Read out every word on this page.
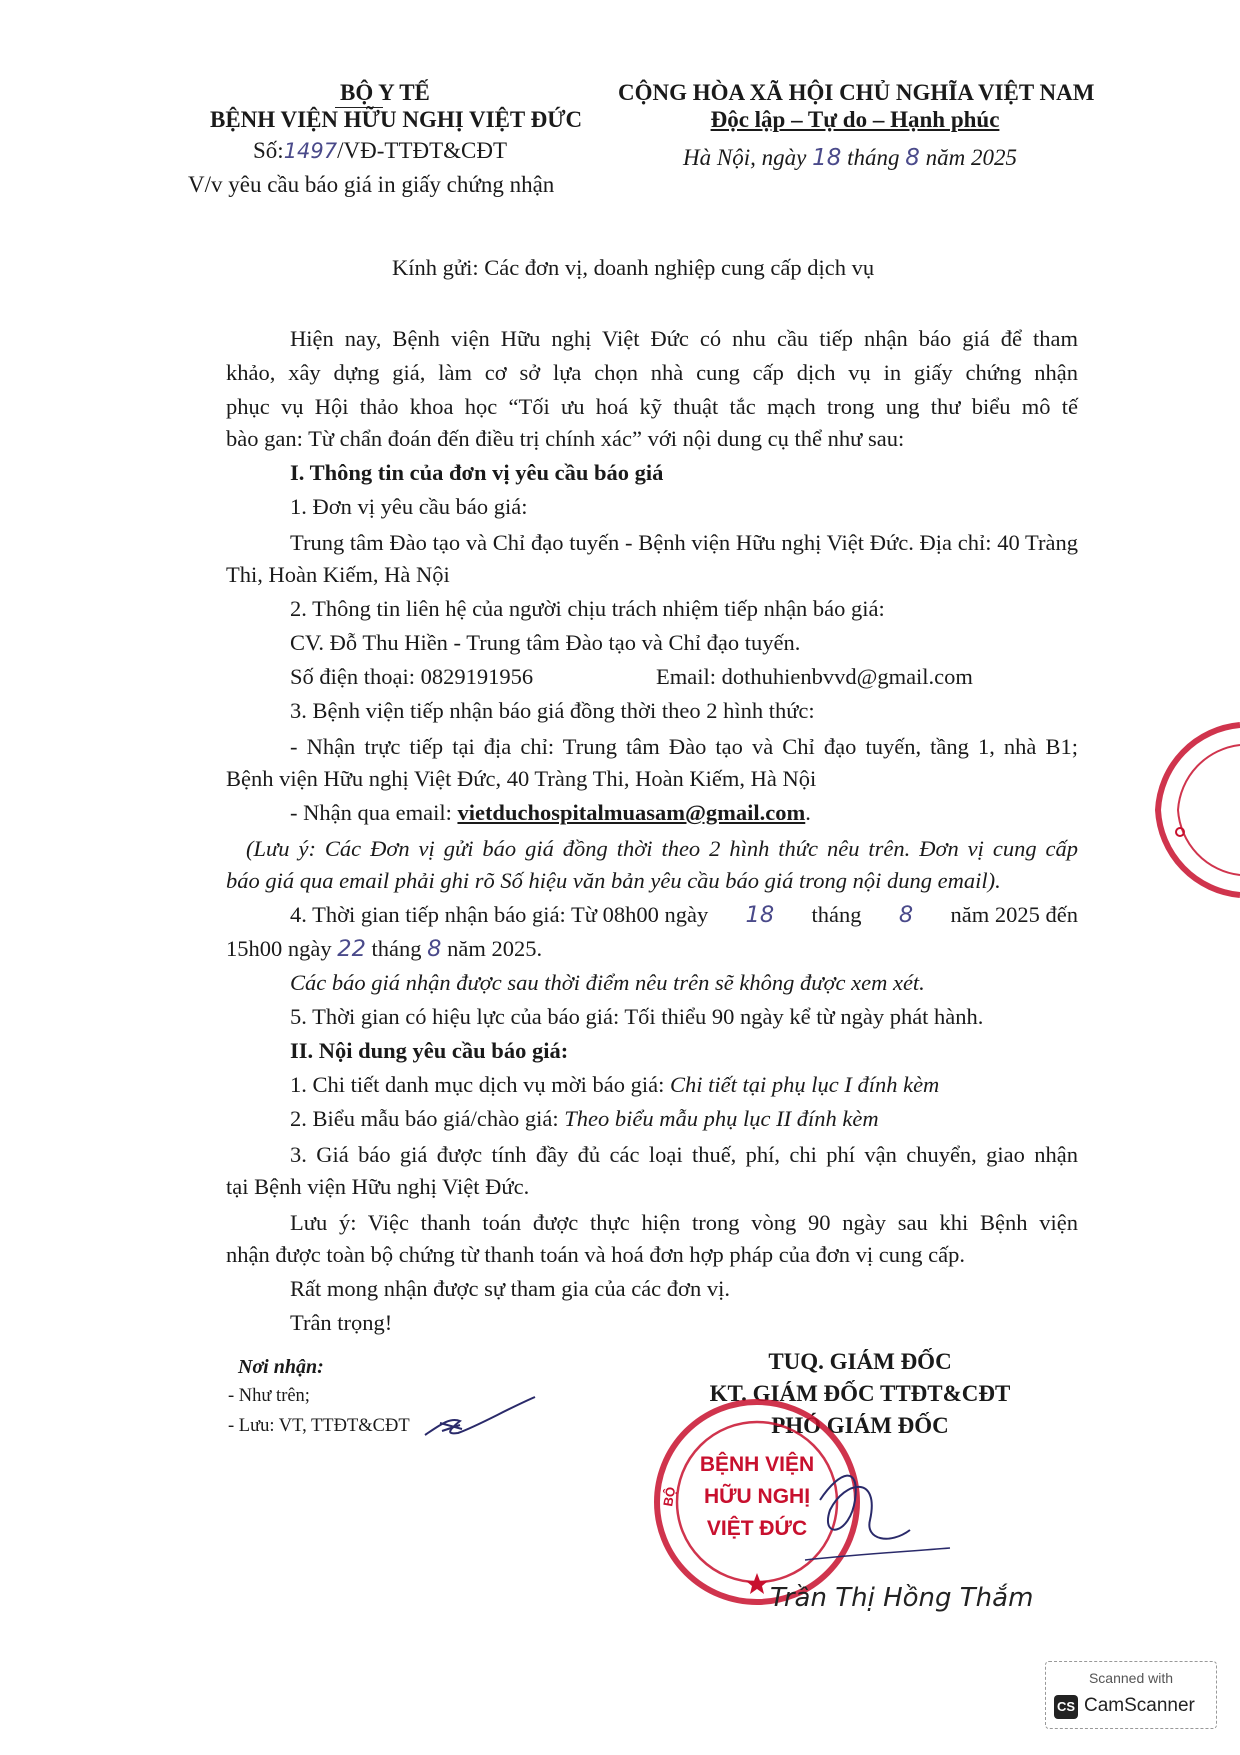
BỘ Y TẾ
BỆNH VIỆN HỮU NGHỊ VIỆT ĐỨC
Số:1497/VĐ-TTĐT&CĐT
V/v yêu cầu báo giá in giấy chứng nhận
CỘNG HÒA XÃ HỘI CHỦ NGHĨA VIỆT NAM
Độc lập – Tự do – Hạnh phúc
Hà Nội, ngày 18 tháng 8 năm 2025
Kính gửi: Các đơn vị, doanh nghiệp cung cấp dịch vụ
Hiện nay, Bệnh viện Hữu nghị Việt Đức có nhu cầu tiếp nhận báo giá để tham
khảo, xây dựng giá, làm cơ sở lựa chọn nhà cung cấp dịch vụ in giấy chứng nhận
phục vụ Hội thảo khoa học “Tối ưu hoá kỹ thuật tắc mạch trong ung thư biểu mô tế
bào gan: Từ chẩn đoán đến điều trị chính xác” với nội dung cụ thể như sau:
I. Thông tin của đơn vị yêu cầu báo giá
1. Đơn vị yêu cầu báo giá:
Trung tâm Đào tạo và Chỉ đạo tuyến - Bệnh viện Hữu nghị Việt Đức. Địa chỉ: 40 Tràng
Thi, Hoàn Kiếm, Hà Nội
2. Thông tin liên hệ của người chịu trách nhiệm tiếp nhận báo giá:
CV. Đỗ Thu Hiền - Trung tâm Đào tạo và Chỉ đạo tuyến.
Số điện thoại: 0829191956	Email: dothuhienbvvd@gmail.com
3. Bệnh viện tiếp nhận báo giá đồng thời theo 2 hình thức:
- Nhận trực tiếp tại địa chỉ: Trung tâm Đào tạo và Chỉ đạo tuyến, tầng 1, nhà B1;
Bệnh viện Hữu nghị Việt Đức, 40 Tràng Thi, Hoàn Kiếm, Hà Nội
- Nhận qua email: vietduchospitalmuasam@gmail.com.
(Lưu ý: Các Đơn vị gửi báo giá đồng thời theo 2 hình thức nêu trên. Đơn vị cung cấp
báo giá qua email phải ghi rõ Số hiệu văn bản yêu cầu báo giá trong nội dung email).
4. Thời gian tiếp nhận báo giá: Từ 08h00 ngày 18 tháng 8 năm 2025 đến
15h00 ngày 22 tháng 8 năm 2025.
Các báo giá nhận được sau thời điểm nêu trên sẽ không được xem xét.
5. Thời gian có hiệu lực của báo giá: Tối thiểu 90 ngày kể từ ngày phát hành.
II. Nội dung yêu cầu báo giá:
1. Chi tiết danh mục dịch vụ mời báo giá: Chi tiết tại phụ lục I đính kèm
2. Biểu mẫu báo giá/chào giá: Theo biểu mẫu phụ lục II đính kèm
3. Giá báo giá được tính đầy đủ các loại thuế, phí, chi phí vận chuyển, giao nhận
tại Bệnh viện Hữu nghị Việt Đức.
Lưu ý: Việc thanh toán được thực hiện trong vòng 90 ngày sau khi Bệnh viện
nhận được toàn bộ chứng từ thanh toán và hoá đơn hợp pháp của đơn vị cung cấp.
Rất mong nhận được sự tham gia của các đơn vị.
Trân trọng!
Nơi nhận:
- Như trên;
- Lưu: VT, TTĐT&CĐT
TUQ. GIÁM ĐỐC
KT. GIÁM ĐỐC TTĐT&CĐT
PHÓ GIÁM ĐỐC
BỆNH VIỆN
HỮU NGHỊ
VIỆT ĐỨC
BỘ
Trần Thị Hồng Thắm
Scanned with
CS CamScanner
